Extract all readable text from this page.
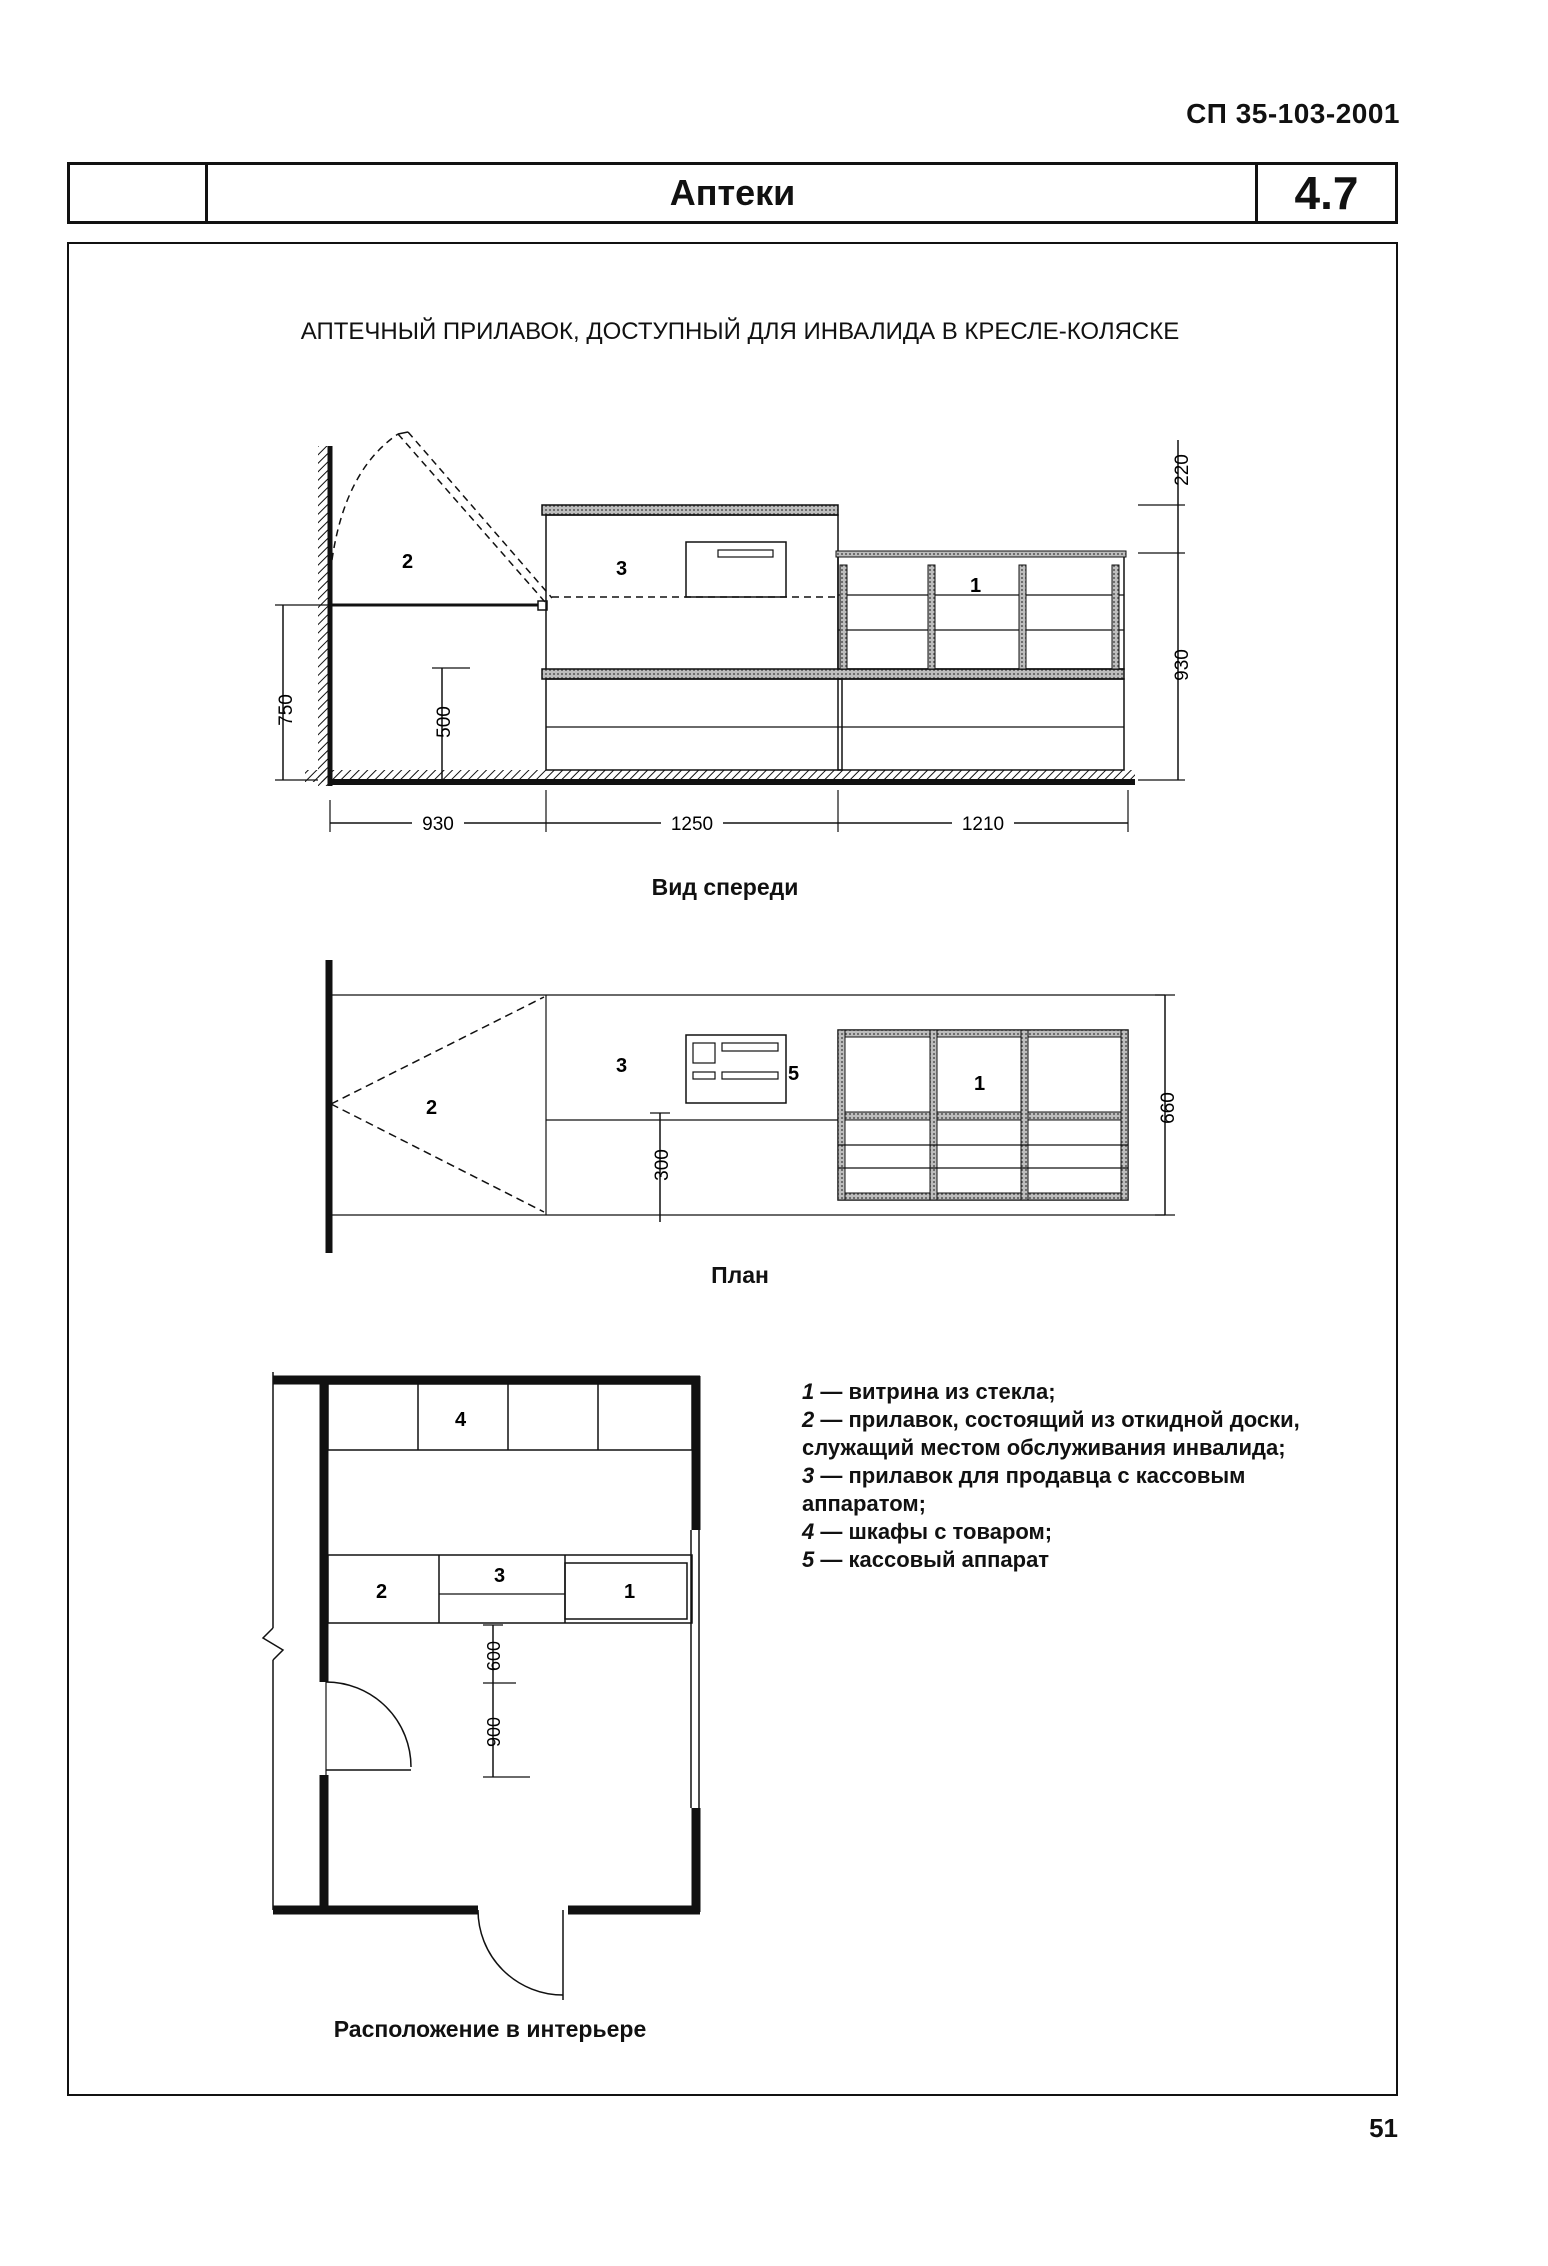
СП 35-103-2001
Аптеки	4.7
АПТЕЧНЫЙ ПРИЛАВОК, ДОСТУПНЫЙ ДЛЯ ИНВАЛИДА В КРЕСЛЕ-КОЛЯСКЕ
2	3
1
750	500
220
930
930	1250	1210
3
2
5	1
300
660
4
2
3
1
600
900
Вид спереди
План
Расположение в интерьере
1 — витрина из стекла;
2 — прилавок, состоящий из откидной доски, служащий местом обслуживания инвалида;
3 — прилавок для продавца с кассовым аппаратом;
4 — шкафы с товаром;
5 — кассовый аппарат
51
